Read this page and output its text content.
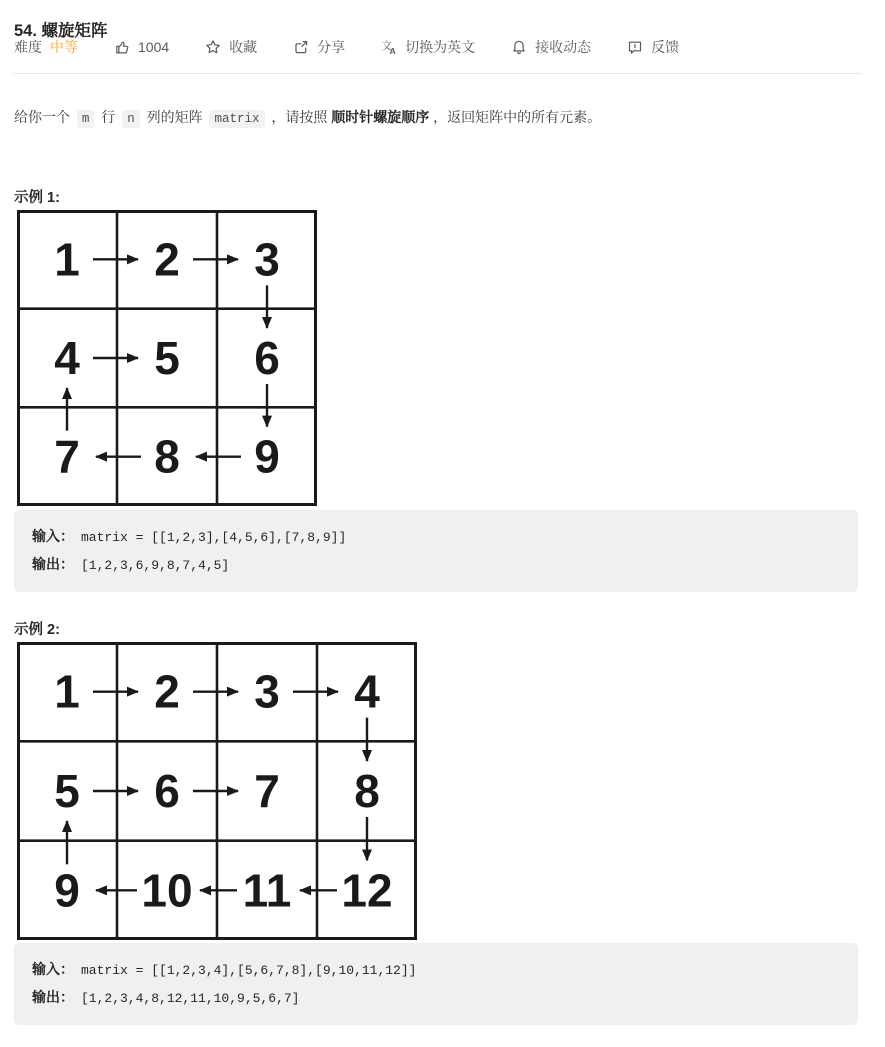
54. 螺旋矩阵
难度 中等	1004	收藏	分享	文
A 切换为英文	接收动态	反馈

给你一个 m 行 n 列的矩阵 matrix ，请按照 顺时针螺旋顺序 ，返回矩阵中的所有元素。

示例 1:
1 2 3
4 5 6
7 8 9
输入： matrix = [[1,2,3],[4,5,6],[7,8,9]]
输出： [1,2,3,6,9,8,7,4,5]
示例 2:
1 2 3 4
5 6 7 8
9 10 11 12
输入： matrix = [[1,2,3,4],[5,6,7,8],[9,10,11,12]]
输出： [1,2,3,4,8,12,11,10,9,5,6,7]
